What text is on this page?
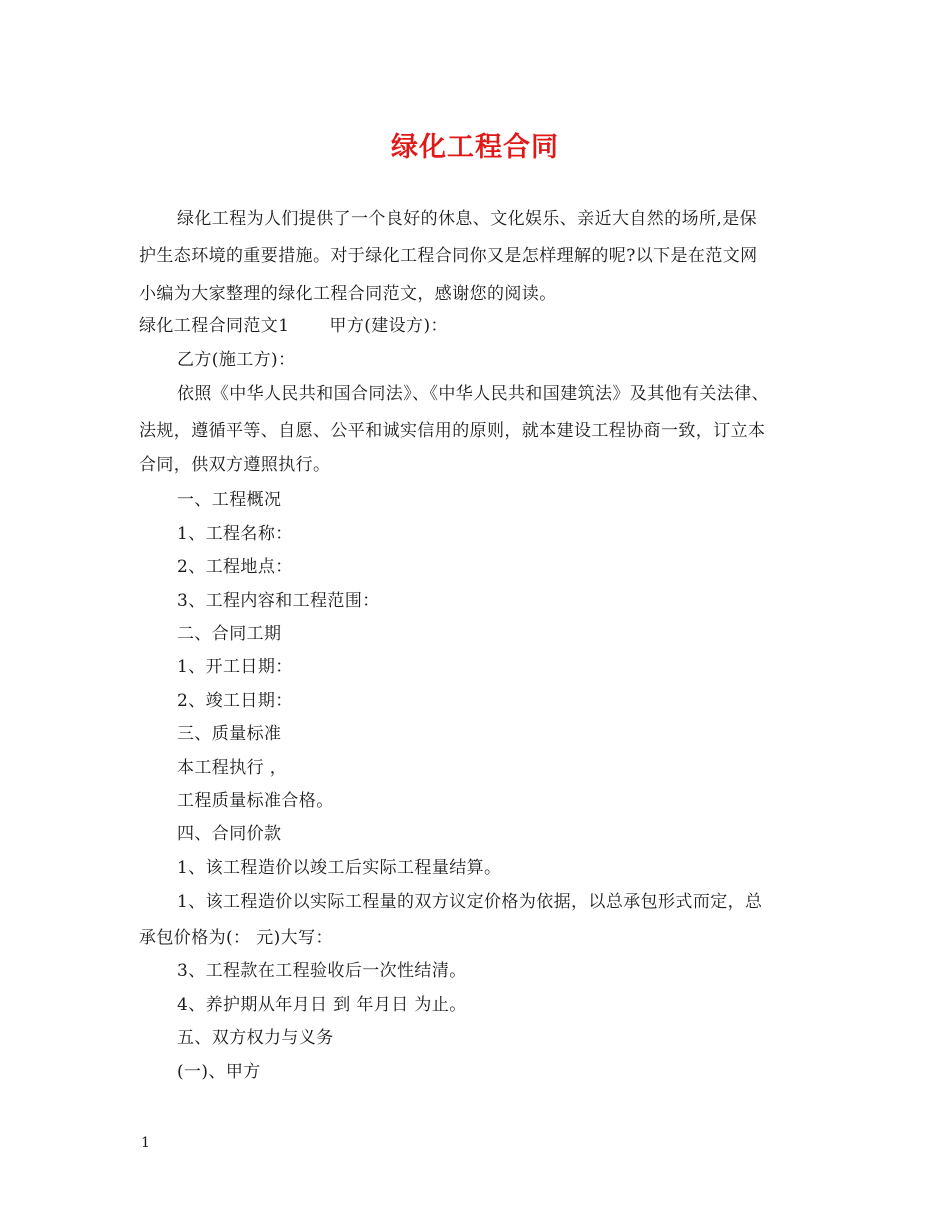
绿化工程合同
绿化工程为人们提供了一个良好的休息、文化娱乐、亲近大自然的场所,是保
护生态环境的重要措施。对于绿化工程合同你又是怎样理解的呢?以下是在范文网
小编为大家整理的绿化工程合同范文，感谢您的阅读。
绿化工程合同范文1 甲方(建设方)：
乙方(施工方)：
依照《中华人民共和国合同法》、《中华人民共和国建筑法》及其他有关法律、
法规，遵循平等、自愿、公平和诚实信用的原则，就本建设工程协商一致，订立本
合同，供双方遵照执行。
一、工程概况
1、工程名称：
2、工程地点：
3、工程内容和工程范围：
二、合同工期
1、开工日期：
2、竣工日期：
三、质量标准
本工程执行 ，
工程质量标准合格。
四、合同价款
1、该工程造价以竣工后实际工程量结算。
1、该工程造价以实际工程量的双方议定价格为依据，以总承包形式而定，总
承包价格为(： 元)大写：
3、工程款在工程验收后一次性结清。
4、养护期从年月日 到 年月日 为止。
五、双方权力与义务
(一)、甲方
1
